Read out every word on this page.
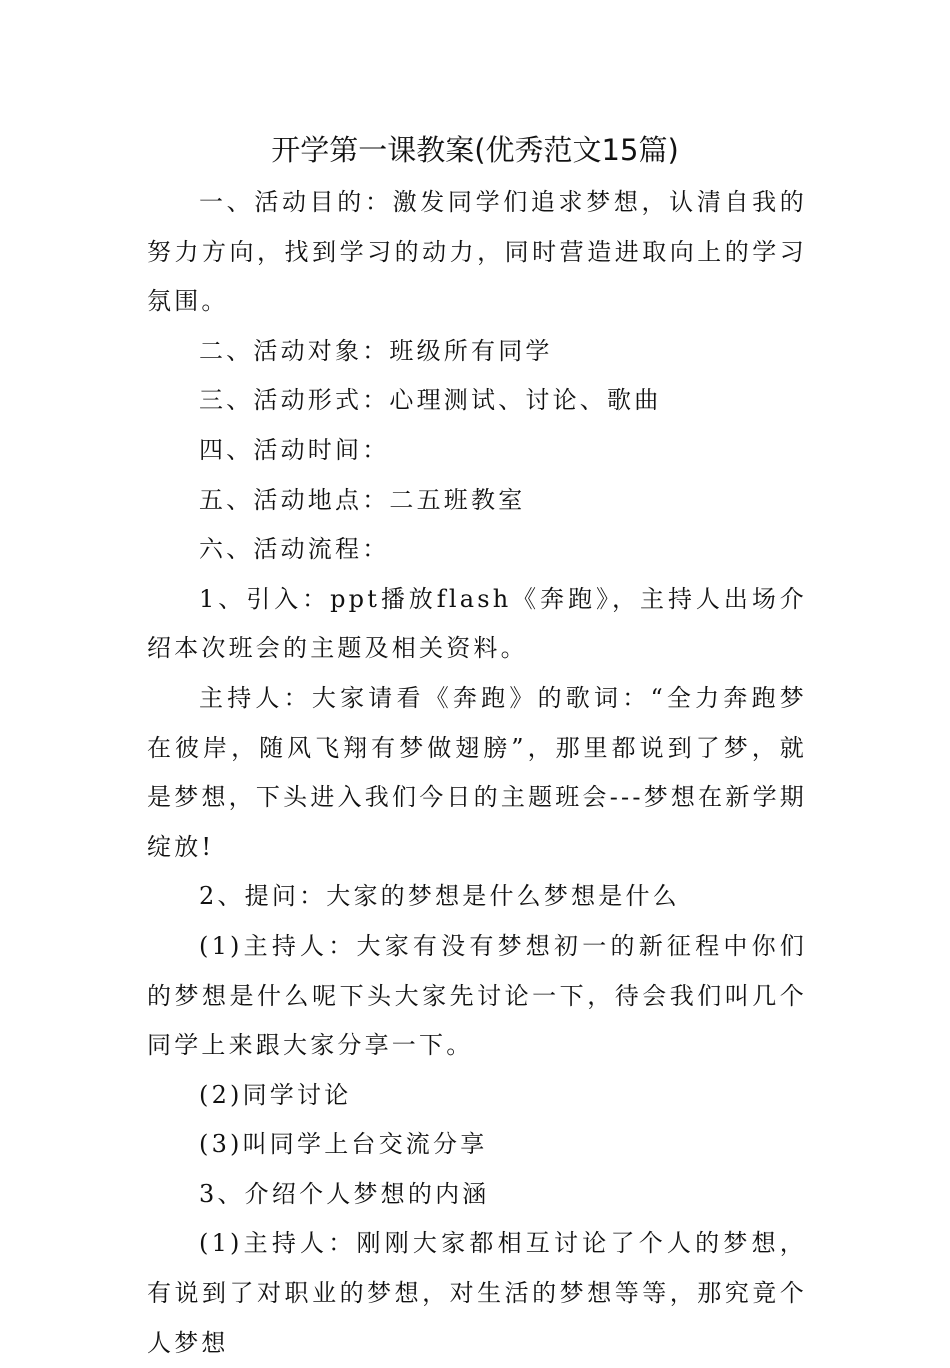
开学第一课教案(优秀范文15篇)

一、活动目的：激发同学们追求梦想，认清自我的努力方向，找到学习的动力，同时营造进取向上的学习氛围。

二、活动对象：班级所有同学

三、活动形式：心理测试、讨论、歌曲

四、活动时间：

五、活动地点：二五班教室

六、活动流程：

1、引入：ppt播放flash《奔跑》，主持人出场介绍本次班会的主题及相关资料。

主持人：大家请看《奔跑》的歌词：“全力奔跑梦在彼岸，随风飞翔有梦做翅膀”，那里都说到了梦，就是梦想，下头进入我们今日的主题班会---梦想在新学期绽放!

2、提问：大家的梦想是什么梦想是什么

(1)主持人：大家有没有梦想初一的新征程中你们的梦想是什么呢下头大家先讨论一下，待会我们叫几个同学上来跟大家分享一下。

(2)同学讨论

(3)叫同学上台交流分享

3、介绍个人梦想的内涵

(1)主持人：刚刚大家都相互讨论了个人的梦想，有说到了对职业的梦想，对生活的梦想等等，那究竟个人梦想
